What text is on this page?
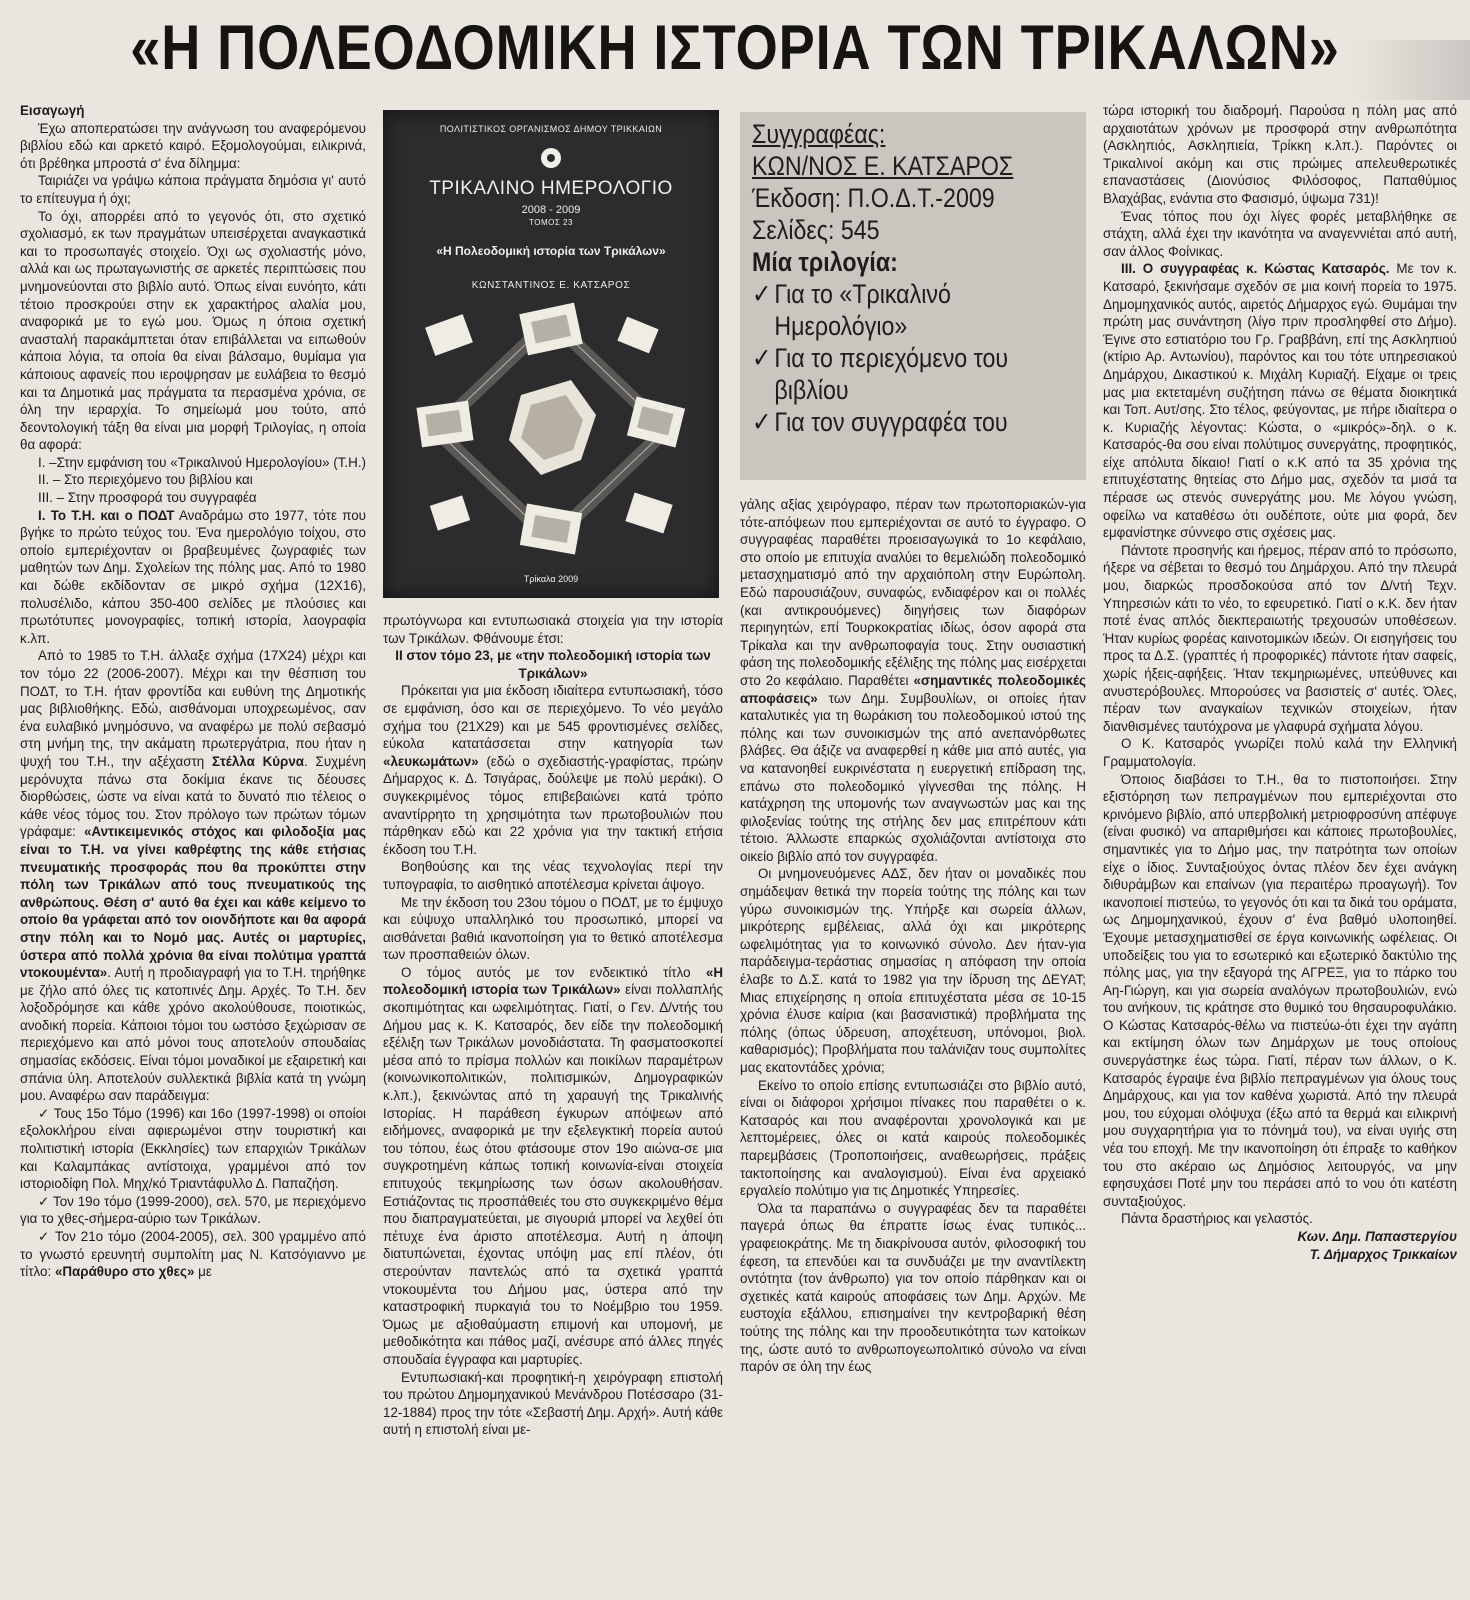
«Η ΠΟΛΕΟΔΟΜΙΚΗ ΙΣΤΟΡΙΑ ΤΩΝ ΤΡΙΚΑΛΩΝ»

Εισαγωγή

Έχω αποπερατώσει την ανάγνωση του αναφερόμενου βιβλίου εδώ και αρκετό καιρό. Εξομολογούμαι, ειλικρινά, ότι βρέθηκα μπροστά σ' ένα δίλημμα:

Ταιριάζει να γράψω κάποια πράγματα δημόσια γι' αυτό το επίτευγμα ή όχι;

Το όχι, απορρέει από το γεγονός ότι, στο σχετικό σχολιασμό, εκ των πραγμάτων υπεισέρχεται αναγκαστικά και το προσωπαγές στοιχείο. Όχι ως σχολιαστής μόνο, αλλά και ως πρωταγωνιστής σε αρκετές περιπτώσεις που μνημονεύονται στο βιβλίο αυτό. Όπως είναι ευνόητο, κάτι τέτοιο προσκρούει στην εκ χαρακτήρος αλαλία μου, αναφορικά με το εγώ μου. Όμως η όποια σχετική ανασταλή παρακάμπτεται όταν επιβάλλεται να ειπωθούν κάποια λόγια, τα οποία θα είναι βάλσαμο, θυμίαμα για κάποιους αφανείς που ιεροψρησαν με ευλάβεια το θεσμό και τα Δημοτικά μας πράγματα τα περασμένα χρόνια, σε όλη την ιεραρχία. Το σημείωμά μου τούτο, από δεοντολογική τάξη θα είναι μια μορφή Τριλογίας, η οποία θα αφορά:

Ι. –Στην εμφάνιση του «Τρικαλινού Ημερολογίου» (Τ.Η.)

ΙΙ. – Στο περιεχόμενο του βιβλίου και

ΙΙΙ. – Στην προσφορά του συγγραφέα

Ι. Το Τ.Η. και ο ΠΟΔΤ Αναδράμω στο 1977, τότε που βγήκε το πρώτο τεύχος του. Ένα ημερολόγιο τοίχου, στο οποίο εμπεριέχονταν οι βραβευμένες ζωγραφιές των μαθητών των Δημ. Σχολείων της πόλης μας. Από το 1980 και δώθε εκδίδονταν σε μικρό σχήμα (12Χ16), πολυσέλιδο, κάπου 350-400 σελίδες με πλούσιες και πρωτότυπες μονογραφίες, τοπική ιστορία, λαογραφία κ.λπ.

Από το 1985 το Τ.Η. άλλαξε σχήμα (17Χ24) μέχρι και τον τόμο 22 (2006-2007). Μέχρι και την θέσπιση του ΠΟΔΤ, το Τ.Η. ήταν φροντίδα και ευθύνη της Δημοτικής μας βιβλιοθήκης. Εδώ, αισθάνομαι υποχρεωμένος, σαν ένα ευλαβικό μνημόσυνο, να αναφέρω με πολύ σεβασμό στη μνήμη της, την ακάματη πρωτεργάτρια, που ήταν η ψυχή του Τ.Η., την αξέχαστη Στέλλα Κύρνα. Συχμένη μερόνυχτα πάνω στα δοκίμια έκανε τις δέουσες διορθώσεις, ώστε να είναι κατά το δυνατό πιο τέλειος ο κάθε νέος τόμος του. Στον πρόλογο των πρώτων τόμων γράφαμε: «Αντικειμενικός στόχος και φιλοδοξία μας είναι το Τ.Η. να γίνει καθρέφτης της κάθε ετήσιας πνευματικής προσφοράς που θα προκύπτει στην πόλη των Τρικάλων από τους πνευματικούς της ανθρώπους. Θέση σ' αυτό θα έχει και κάθε κείμενο το οποίο θα γράφεται από τον οιονδήποτε και θα αφορά στην πόλη και το Νομό μας. Αυτές οι μαρτυρίες, ύστερα από πολλά χρόνια θα είναι πολύτιμα γραπτά ντοκουμέντα». Αυτή η προδιαγραφή για το Τ.Η. τηρήθηκε με ζήλο από όλες τις κατοπινές Δημ. Αρχές. Το Τ.Η. δεν λοξοδρόμησε και κάθε χρόνο ακολούθουσε, ποιοτικώς, ανοδική πορεία. Κάποιοι τόμοι του ωστόσο ξεχώρισαν σε περιεχόμενο και από μόνοι τους αποτελούν σπουδαίας σημασίας εκδόσεις. Είναι τόμοι μοναδικοί με εξαιρετική και σπάνια ύλη. Αποτελούν συλλεκτικά βιβλία κατά τη γνώμη μου. Αναφέρω σαν παράδειγμα:

✓ Τους 15ο Τόμο (1996) και 16ο (1997-1998) οι οποίοι εξολοκλήρου είναι αφιερωμένοι στην τουριστική και πολιτιστική ιστορία (Εκκλησίες) των επαρχιών Τρικάλων και Καλαμπάκας αντίστοιχα, γραμμένοι από τον ιστοριοδίφη Πολ. Μηχ/κό Τριαντάφυλλο Δ. Παπαζήση.

✓ Τον 19ο τόμο (1999-2000), σελ. 570, με περιεχόμενο για το χθες-σήμερα-αύριο των Τρικάλων.

✓ Τον 21ο τόμο (2004-2005), σελ. 300 γραμμένο από το γνωστό ερευνητή συμπολίτη μας Ν. Κατσόγιαννο με τίτλο: «Παράθυρο στο χθες» με

ΠΟΛΙΤΙΣΤΙΚΟΣ ΟΡΓΑΝΙΣΜΟΣ ΔΗΜΟΥ ΤΡΙΚΚΑΙΩΝ
ΤΡΙΚΑΛΙΝΟ ΗΜΕΡΟΛΟΓΙΟ
2008 - 2009
ΤΟΜΟΣ 23
«Η Πολεοδομική ιστορία των Τρικάλων»
ΚΩΝΣΤΑΝΤΙΝΟΣ Ε. ΚΑΤΣΑΡΟΣ
Τρίκαλα 2009
Συγγραφέας:
ΚΩΝ/ΝΟΣ Ε. ΚΑΤΣΑΡΟΣ
Έκδοση: Π.Ο.Δ.Τ.-2009
Σελίδες: 545
Μία τριλογία:
✓ Για το «Τρικαλινό Ημερολόγιο»
✓ Για το περιεχόμενο του βιβλίου
✓ Για τον συγγραφέα του

πρωτόγνωρα και εντυπωσιακά στοιχεία για την ιστορία των Τρικάλων. Φθάνουμε έτσι:

ΙΙ στον τόμο 23, με «την πολεοδομική ιστορία των Τρικάλων»

Πρόκειται για μια έκδοση ιδιαίτερα εντυπωσιακή, τόσο σε εμφάνιση, όσο και σε περιεχόμενο. Το νέο μεγάλο σχήμα του (21Χ29) και με 545 φροντισμένες σελίδες, εύκολα κατατάσσεται στην κατηγορία των «λευκωμάτων» (εδώ ο σχεδιαστής-γραφίστας, πρώην Δήμαρχος κ. Δ. Τσιγάρας, δούλεψε με πολύ μεράκι). Ο συγκεκριμένος τόμος επιβεβαιώνει κατά τρόπο αναντίρρητο τη χρησιμότητα των πρωτοβουλιών που πάρθηκαν εδώ και 22 χρόνια για την τακτική ετήσια έκδοση του Τ.Η.

Βοηθούσης και της νέας τεχνολογίας περί την τυπογραφία, το αισθητικό αποτέλεσμα κρίνεται άψογο.

Με την έκδοση του 23ου τόμου ο ΠΟΔΤ, με το έμψυχο και εύψυχο υπαλληλικό του προσωπικό, μπορεί να αισθάνεται βαθιά ικανοποίηση για το θετικό αποτέλεσμα των προσπαθειών όλων.

Ο τόμος αυτός με τον ενδεικτικό τίτλο «Η πολεοδομική ιστορία των Τρικάλων» είναι πολλαπλής σκοπιμότητας και ωφελιμότητας. Γιατί, ο Γεν. Δ/ντής του Δήμου μας κ. Κ. Κατσαρός, δεν είδε την πολεοδομική εξέλιξη των Τρικάλων μονοδιάστατα. Τη φασματοσκοπεί μέσα από το πρίσμα πολλών και ποικίλων παραμέτρων (κοινωνικοπολιτικών, πολιτισμικών, Δημογραφικών κ.λπ.), ξεκινώντας από τη χαραυγή της Τρικαλινής Ιστορίας. Η παράθεση έγκυρων απόψεων από ειδήμονες, αναφορικά με την εξελεγκτική πορεία αυτού του τόπου, έως ότου φτάσουμε στον 19ο αιώνα-σε μια συγκροτημένη κάπως τοπική κοινωνία-είναι στοιχεία επιτυχούς τεκμηρίωσης των όσων ακολουθήσαν. Εστιάζοντας τις προσπάθειές του στο συγκεκριμένο θέμα που διαπραγματεύεται, με σιγουριά μπορεί να λεχθεί ότι πέτυχε ένα άριστο αποτέλεσμα. Αυτή η άποψη διατυπώνεται, έχοντας υπόψη μας επί πλέον, ότι στερούνταν παντελώς από τα σχετικά γραπτά ντοκουμέντα του Δήμου μας, ύστερα από την καταστροφική πυρκαγιά του το Νοέμβριο του 1959. Όμως με αξιοθαύμαστη επιμονή και υπομονή, με μεθοδικότητα και πάθος μαζί, ανέσυρε από άλλες πηγές σπουδαία έγγραφα και μαρτυρίες.

Εντυπωσιακή-και προφητική-η χειρόγραφη επιστολή του πρώτου Δημομηχανικού Μενάνδρου Ποτέσσαρο (31-12-1884) προς την τότε «Σεβαστή Δημ. Αρχή». Αυτή κάθε αυτή η επιστολή είναι με-

γάλης αξίας χειρόγραφο, πέραν των πρωτοποριακών-για τότε-απόψεων που εμπεριέχονται σε αυτό το έγγραφο. Ο συγγραφέας παραθέτει προεισαγωγικά το 1ο κεφάλαιο, στο οποίο με επιτυχία αναλύει το θεμελιώδη πολεοδομικό μετασχηματισμό από την αρχαιόπολη στην Ευρώπολη. Εδώ παρουσιάζουν, συναφώς, ενδιαφέρον και οι πολλές (και αντικρουόμενες) διηγήσεις των διαφόρων περιηγητών, επί Τουρκοκρατίας ιδίως, όσον αφορά στα Τρίκαλα και την ανθρωποφαγία τους. Στην ουσιαστική φάση της πολεοδομικής εξέλιξης της πόλης μας εισέρχεται στο 2ο κεφάλαιο. Παραθέτει «σημαντικές πολεοδομικές αποφάσεις» των Δημ. Συμβουλίων, οι οποίες ήταν καταλυτικές για τη θωράκιση του πολεοδομικού ιστού της πόλης και των συνοικισμών της από ανεπανόρθωτες βλάβες. Θα άξιζε να αναφερθεί η κάθε μια από αυτές, για να κατανοηθεί ευκρινέστατα η ευεργετική επίδραση της, επάνω στο πολεοδομικό γίγνεσθαι της πόλης. Η κατάχρηση της υπομονής των αναγνωστών μας και της φιλοξενίας τούτης της στήλης δεν μας επιτρέπουν κάτι τέτοιο. Άλλωστε επαρκώς σχολιάζονται αντίστοιχα στο οικείο βιβλίο από τον συγγραφέα.

Οι μνημονευόμενες ΑΔΣ, δεν ήταν οι μοναδικές που σημάδεψαν θετικά την πορεία τούτης της πόλης και των γύρω συνοικισμών της. Υπήρξε και σωρεία άλλων, μικρότερης εμβέλειας, αλλά όχι και μικρότερης ωφελιμότητας για το κοινωνικό σύνολο. Δεν ήταν-για παράδειγμα-τεράστιας σημασίας η απόφαση την οποία έλαβε το Δ.Σ. κατά το 1982 για την ίδρυση της ΔΕΥΑΤ; Μιας επιχείρησης η οποία επιτυχέστατα μέσα σε 10-15 χρόνια έλυσε καίρια (και βασανιστικά) προβλήματα της πόλης (όπως ύδρευση, αποχέτευση, υπόνομοι, βιολ. καθαρισμός); Προβλήματα που ταλάνιζαν τους συμπολίτες μας εκατοντάδες χρόνια;

Εκείνο το οποίο επίσης εντυπωσιάζει στο βιβλίο αυτό, είναι οι διάφοροι χρήσιμοι πίνακες που παραθέτει ο κ. Κατσαρός και που αναφέρονται χρονολογικά και με λεπτομέρειες, όλες οι κατά καιρούς πολεοδομικές παρεμβάσεις (Τροποποιήσεις, αναθεωρήσεις, πράξεις τακτοποίησης και αναλογισμού). Είναι ένα αρχειακό εργαλείο πολύτιμο για τις Δημοτικές Υπηρεσίες.

Όλα τα παραπάνω ο συγγραφέας δεν τα παραθέτει παγερά όπως θα έπραττε ίσως ένας τυπικός... γραφειοκράτης. Με τη διακρίνουσα αυτόν, φιλοσοφική του έφεση, τα επενδύει και τα συνδυάζει με την αναντίλεκτη οντότητα (τον άνθρωπο) για τον οποίο πάρθηκαν και οι σχετικές κατά καιρούς αποφάσεις των Δημ. Αρχών. Με ευστοχία εξάλλου, επισημαίνει την κεντροβαρική θέση τούτης της πόλης και την προοδευτικότητα των κατοίκων της, ώστε αυτό το ανθρωπογεωπολιτικό σύνολο να είναι παρόν σε όλη την έως

τώρα ιστορική του διαδρομή. Παρούσα η πόλη μας από αρχαιοτάτων χρόνων με προσφορά στην ανθρωπότητα (Ασκληπιός, Ασκληπιεία, Τρίκκη κ.λπ.). Παρόντες οι Τρικαλινοί ακόμη και στις πρώιμες απελευθερωτικές επαναστάσεις (Διονύσιος Φιλόσοφος, Παπαθύμιος Βλαχάβας, ενάντια στο Φασισμό, ύψωμα 731)!

Ένας τόπος που όχι λίγες φορές μεταβλήθηκε σε στάχτη, αλλά έχει την ικανότητα να αναγεννιέται από αυτή, σαν άλλος Φοίνικας.

ΙΙΙ. Ο συγγραφέας κ. Κώστας Κατσαρός. Με τον κ. Κατσαρό, ξεκινήσαμε σχεδόν σε μια κοινή πορεία το 1975. Δημομηχανικός αυτός, αιρετός Δήμαρχος εγώ. Θυμάμαι την πρώτη μας συνάντηση (λίγο πριν προσληφθεί στο Δήμο). Έγινε στο εστιατόριο του Γρ. Γραββάνη, επί της Ασκληπιού (κτίριο Αρ. Αντωνίου), παρόντος και του τότε υπηρεσιακού Δημάρχου, Δικαστικού κ. Μιχάλη Κυριαζή. Είχαμε οι τρεις μας μια εκτεταμένη συζήτηση πάνω σε θέματα διοικητικά και Τοπ. Αυτ/σης. Στο τέλος, φεύγοντας, με πήρε ιδιαίτερα ο κ. Κυριαζής λέγοντας: Κώστα, ο «μικρός»-δηλ. ο κ. Κατσαρός-θα σου είναι πολύτιμος συνεργάτης, προφητικός, είχε απόλυτα δίκαιο! Γιατί ο κ.Κ από τα 35 χρόνια της επιτυχέστατης θητείας στο Δήμο μας, σχεδόν τα μισά τα πέρασε ως στενός συνεργάτης μου. Με λόγου γνώση, οφείλω να καταθέσω ότι ουδέποτε, ούτε μια φορά, δεν εμφανίστηκε σύννεφο στις σχέσεις μας.

Πάντοτε προσηνής και ήρεμος, πέραν από το πρόσωπο, ήξερε να σέβεται το θεσμό του Δημάρχου. Από την πλευρά μου, διαρκώς προσδοκούσα από τον Δ/ντή Τεχν. Υπηρεσιών κάτι το νέο, το εφευρετικό. Γιατί ο κ.Κ. δεν ήταν ποτέ ένας απλός διεκπεραιωτής τρεχουσών υποθέσεων. Ήταν κυρίως φορέας καινοτομικών ιδεών. Οι εισηγήσεις του προς τα Δ.Σ. (γραπτές ή προφορικές) πάντοτε ήταν σαφείς, χωρίς ήξεις-αφήξεις. Ήταν τεκμηριωμένες, υπεύθυνες και ανυστερόβουλες. Μπορούσες να βασιστείς σ' αυτές. Όλες, πέραν των αναγκαίων τεχνικών στοιχείων, ήταν διανθισμένες ταυτόχρονα με γλαφυρά σχήματα λόγου.

Ο Κ. Κατσαρός γνωρίζει πολύ καλά την Ελληνική Γραμματολογία.

Όποιος διαβάσει το Τ.Η., θα το πιστοποιήσει. Στην εξιστόρηση των πεπραγμένων που εμπεριέχονται στο κρινόμενο βιβλίο, από υπερβολική μετριοφροσύνη απέφυγε (είναι φυσικό) να απαριθμήσει και κάποιες πρωτοβουλίες, σημαντικές για το Δήμο μας, την πατρότητα των οποίων είχε ο ίδιος. Συνταξιούχος όντας πλέον δεν έχει ανάγκη διθυράμβων και επαίνων (για περαιτέρω προαγωγή). Τον ικανοποιεί πιστεύω, το γεγονός ότι και τα δικά του οράματα, ως Δημομηχανικού, έχουν σ' ένα βαθμό υλοποιηθεί. Έχουμε μετασχηματισθεί σε έργα κοινωνικής ωφέλειας. Οι υποδείξεις του για το εσωτερικό και εξωτερικό δακτύλιο της πόλης μας, για την εξαγορά της ΑΓΡΕΞ, για το πάρκο του Αη-Γιώργη, και για σωρεία αναλόγων πρωτοβουλιών, ενώ του ανήκουν, τις κράτησε στο θυμικό του θησαυροφυλάκιο. Ο Κώστας Κατσαρός-θέλω να πιστεύω-ότι έχει την αγάπη και εκτίμηση όλων των Δημάρχων με τους οποίους συνεργάστηκε έως τώρα. Γιατί, πέραν των άλλων, ο Κ. Κατσαρός έγραψε ένα βιβλίο πεπραγμένων για όλους τους Δημάρχους, και για τον καθένα χωριστά. Από την πλευρά μου, του εύχομαι ολόψυχα (έξω από τα θερμά και ειλικρινή μου συγχαρητήρια για το πόνημά του), να είναι υγιής στη νέα του εποχή. Με την ικανοποίηση ότι έπραξε το καθήκον του στο ακέραιο ως Δημόσιος λειτουργός, να μην εφησυχάσει Ποτέ μην του περάσει από το νου ότι κατέστη συνταξιούχος.

Πάντα δραστήριος και γελαστός.

Κων. Δημ. Παπαστεργίου

Τ. Δήμαρχος Τρικκαίων
